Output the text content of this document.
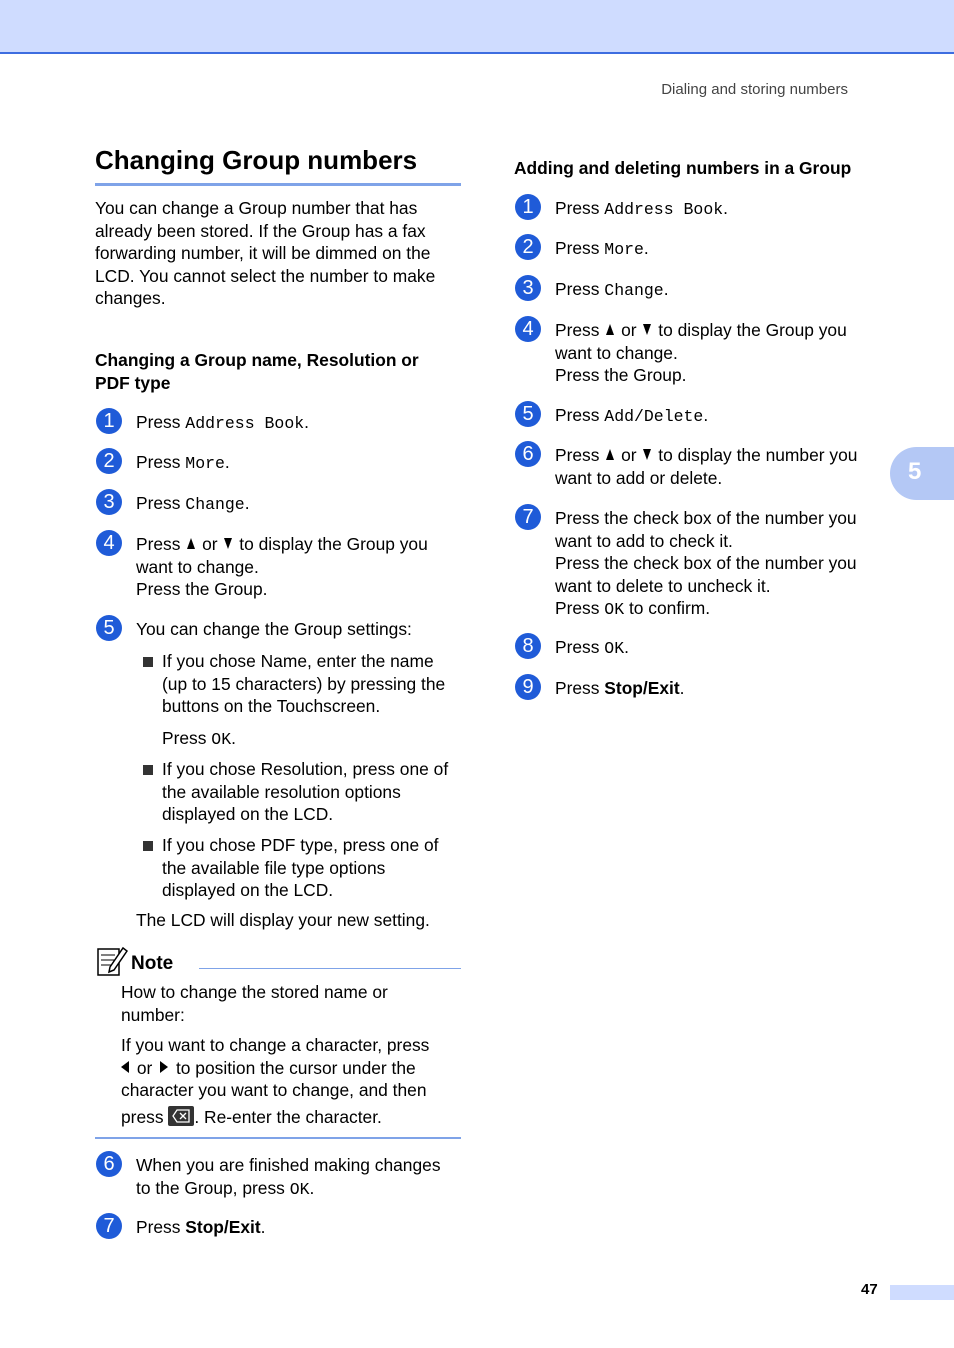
Dialing and storing numbers
5
Changing Group numbers
You can change a Group number that has
already been stored. If the Group has a fax
forwarding number, it will be dimmed on the
LCD. You cannot select the number to make
changes.
Changing a Group name, Resolution or
PDF type
1	Press Address Book.
2	Press More.
3	Press Change.
4	Press  or  to display the Group you
want to change.
Press the Group.
5	You can change the Group settings:
If you chose Name, enter the name
(up to 15 characters) by pressing the
buttons on the Touchscreen.
Press OK.
If you chose Resolution, press one of
the available resolution options
displayed on the LCD.
If you chose PDF type, press one of
the available file type options
displayed on the LCD.
The LCD will display your new setting.
Note
How to change the stored name or
number:
If you want to change a character, press
or  to position the cursor under the
character you want to change, and then
press
. Re-enter the character.
6	When you are finished making changes
to the Group, press OK.
7	Press Stop/Exit.
Adding and deleting numbers in a Group
1	Press Address Book.
2	Press More.
3	Press Change.
4	Press  or  to display the Group you
want to change.
Press the Group.
5	Press Add/Delete.
6	Press  or  to display the number you
want to add or delete.
7	Press the check box of the number you
want to add to check it.
Press the check box of the number you
want to delete to uncheck it.
Press OK to confirm.
8	Press OK.
9	Press Stop/Exit.
47
